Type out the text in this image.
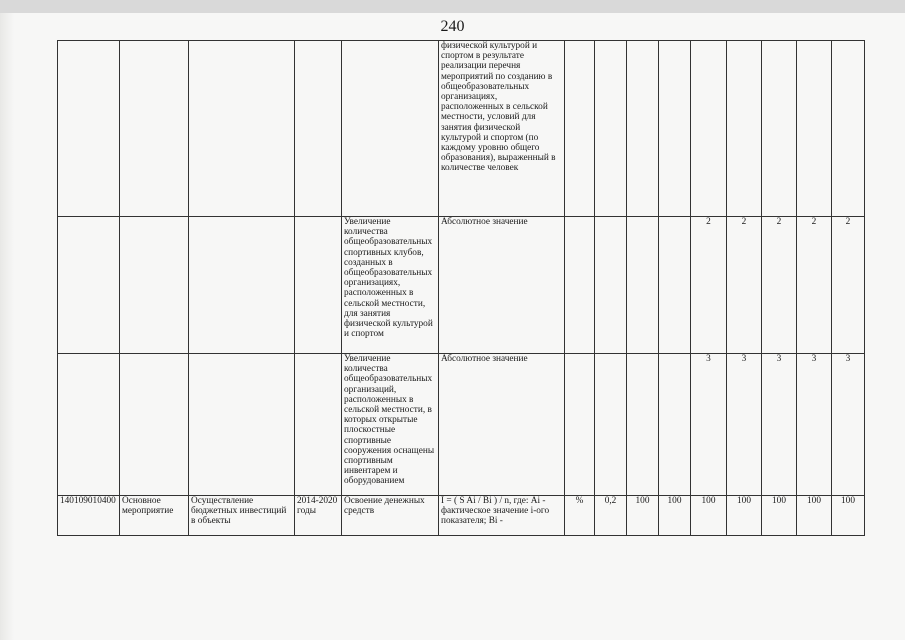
240
					физической культурой и спортом в результате реализации перечня мероприятий по созданию в общеобразовательных организациях, расположенных в сельской местности, условий для занятия физической культурой и спортом (по каждому уровню общего образования), выраженный в количестве человек									
				Увеличение количества общеобразовательных спортивных клубов, созданных в общеобразовательных организациях, расположенных в сельской местности, для занятия физической культурой и спортом	Абсолютное значение					2	2	2	2	2
				Увеличение количества общеобразовательных организаций, расположенных в сельской местности, в которых открытые плоскостные спортивные сооружения оснащены спортивным инвентарем и оборудованием	Абсолютное значение					3	3	3	3	3
140109010400	Основное мероприятие	Осуществление бюджетных инвестиций в объекты	2014-2020 годы	Освоение денежных средств	I = ( S Ai / Bi ) / n, где: Ai - фактическое значение i-ого показателя; Bi -	%	0,2	100	100	100	100	100	100	100
